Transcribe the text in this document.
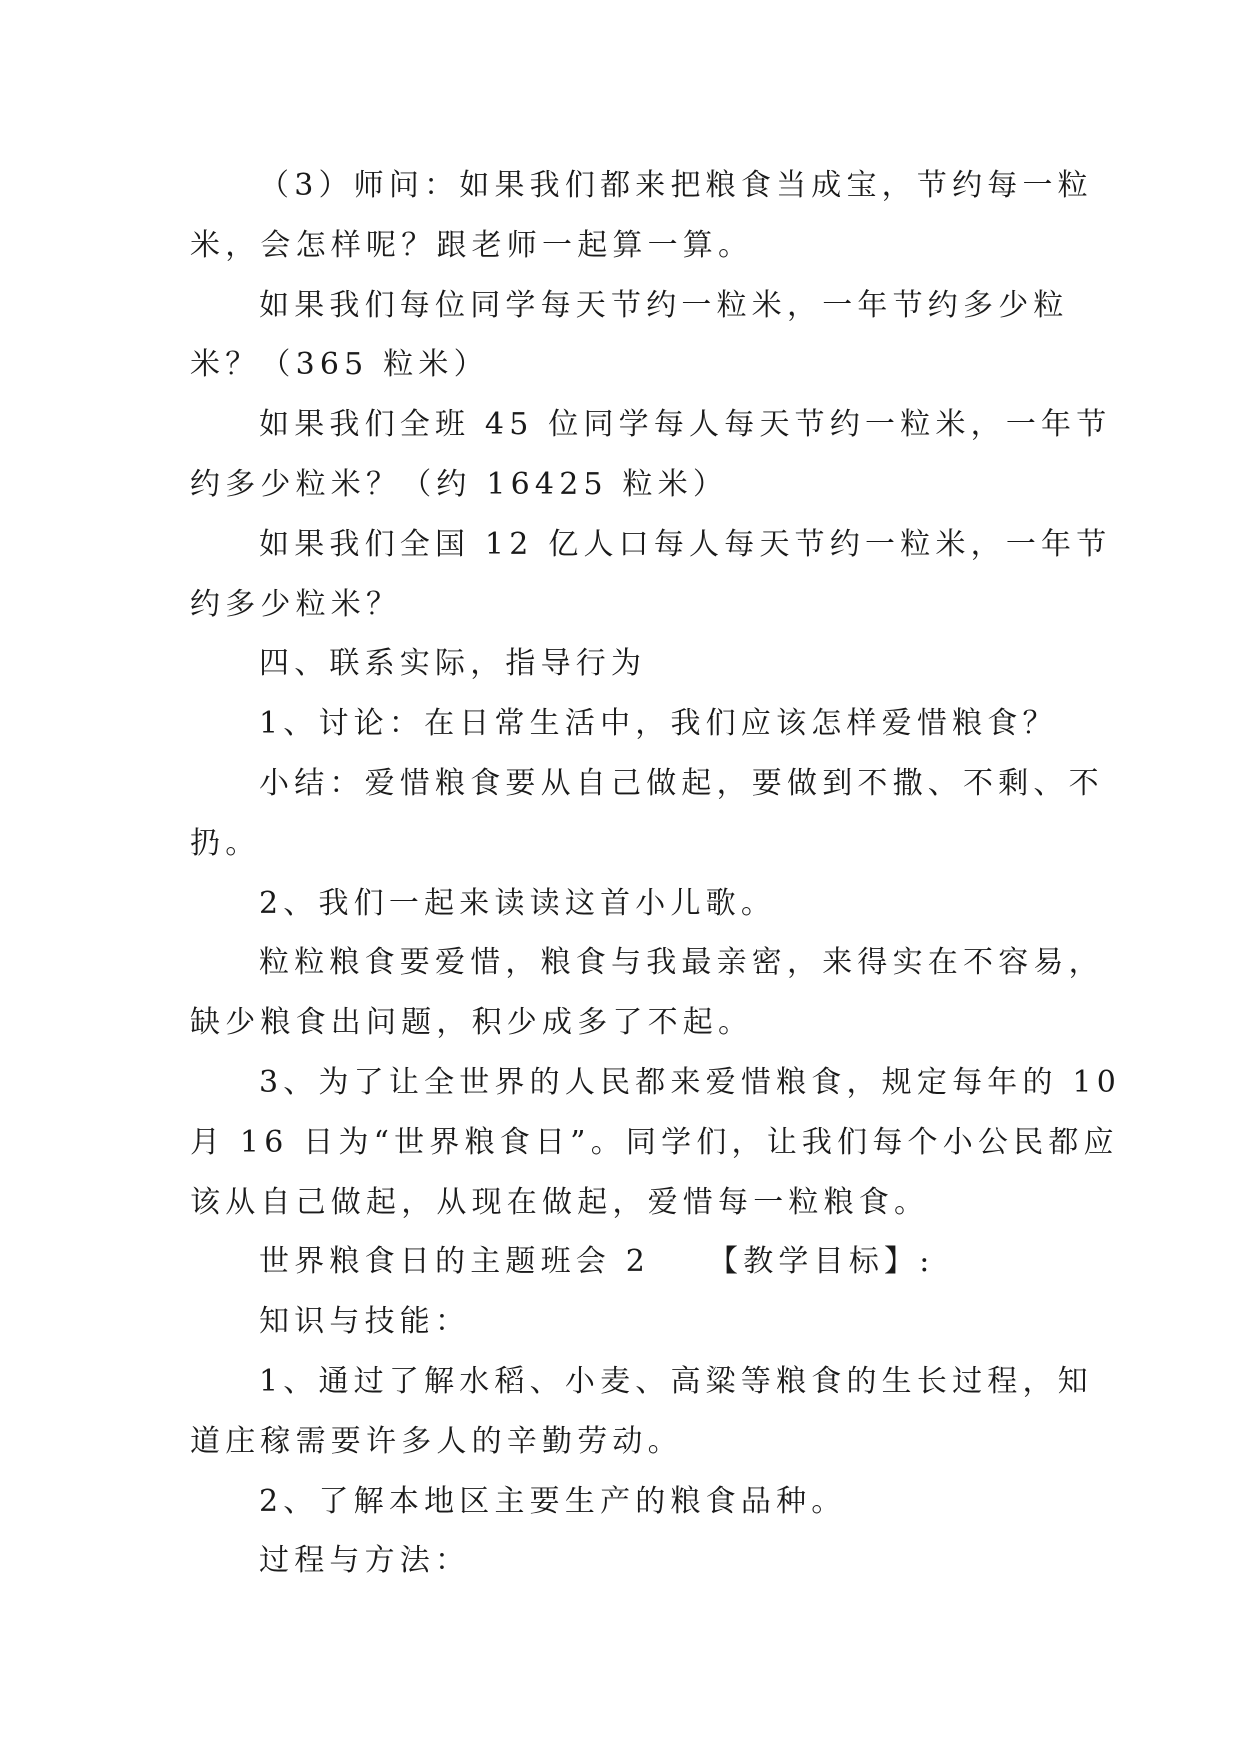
（3）师问：如果我们都来把粮食当成宝，节约每一粒
米，会怎样呢？跟老师一起算一算。
如果我们每位同学每天节约一粒米，一年节约多少粒
米？（365 粒米）
如果我们全班 45 位同学每人每天节约一粒米，一年节
约多少粒米？（约 16425 粒米）
如果我们全国 12 亿人口每人每天节约一粒米，一年节
约多少粒米？
四、联系实际，指导行为
1、讨论：在日常生活中，我们应该怎样爱惜粮食？
小结：爱惜粮食要从自己做起，要做到不撒、不剩、不
扔。
2、我们一起来读读这首小儿歌。
粒粒粮食要爱惜，粮食与我最亲密，来得实在不容易，
缺少粮食出问题，积少成多了不起。
3、为了让全世界的人民都来爱惜粮食，规定每年的 10
月 16 日为“世界粮食日”。同学们，让我们每个小公民都应
该从自己做起，从现在做起，爱惜每一粒粮食。
世界粮食日的主题班会 2 【教学目标】:
知识与技能：
1、通过了解水稻、小麦、高粱等粮食的生长过程，知
道庄稼需要许多人的辛勤劳动。
2、了解本地区主要生产的粮食品种。
过程与方法：
